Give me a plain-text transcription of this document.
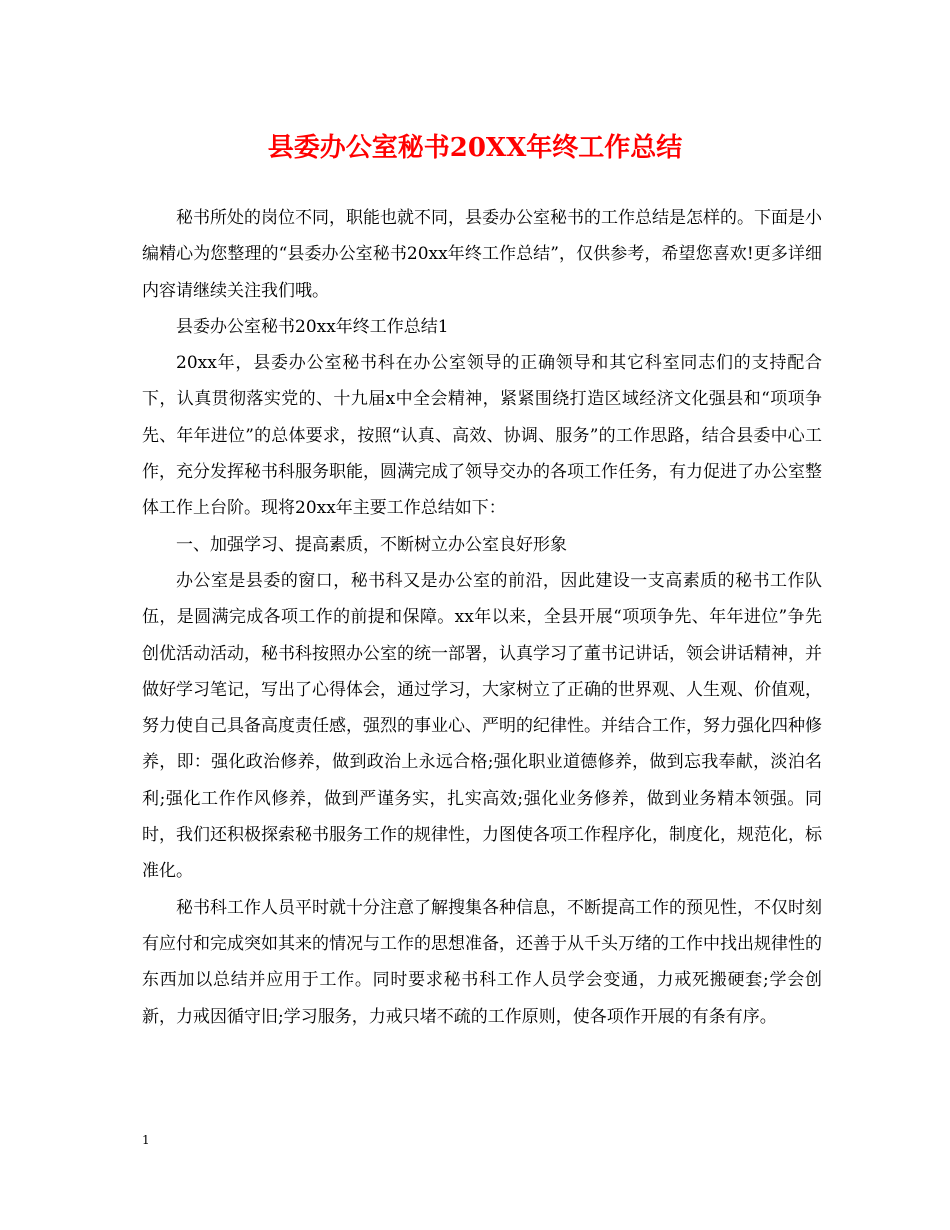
县委办公室秘书20XX年终工作总结

秘书所处的岗位不同，职能也就不同，县委办公室秘书的工作总结是怎样的。下面是小编精心为您整理的“县委办公室秘书20xx年终工作总结”，仅供参考，希望您喜欢!更多详细内容请继续关注我们哦。

县委办公室秘书20xx年终工作总结1

20xx年，县委办公室秘书科在办公室领导的正确领导和其它科室同志们的支持配合下，认真贯彻落实党的、十九届x中全会精神，紧紧围绕打造区域经济文化强县和“项项争先、年年进位”的总体要求，按照“认真、高效、协调、服务”的工作思路，结合县委中心工作，充分发挥秘书科服务职能，圆满完成了领导交办的各项工作任务，有力促进了办公室整体工作上台阶。现将20xx年主要工作总结如下：

一、加强学习、提高素质，不断树立办公室良好形象

办公室是县委的窗口，秘书科又是办公室的前沿，因此建设一支高素质的秘书工作队伍，是圆满完成各项工作的前提和保障。xx年以来，全县开展“项项争先、年年进位”争先创优活动活动，秘书科按照办公室的统一部署，认真学习了董书记讲话，领会讲话精神，并做好学习笔记，写出了心得体会，通过学习，大家树立了正确的世界观、人生观、价值观，努力使自己具备高度责任感，强烈的事业心、严明的纪律性。并结合工作，努力强化四种修养，即：强化政治修养，做到政治上永远合格;强化职业道德修养，做到忘我奉献，淡泊名利;强化工作作风修养，做到严谨务实，扎实高效;强化业务修养，做到业务精本领强。同时，我们还积极探索秘书服务工作的规律性，力图使各项工作程序化，制度化，规范化，标准化。

秘书科工作人员平时就十分注意了解搜集各种信息，不断提高工作的预见性，不仅时刻有应付和完成突如其来的情况与工作的思想准备，还善于从千头万绪的工作中找出规律性的东西加以总结并应用于工作。同时要求秘书科工作人员学会变通，力戒死搬硬套;学会创新，力戒因循守旧;学习服务，力戒只堵不疏的工作原则，使各项作开展的有条有序。

1
